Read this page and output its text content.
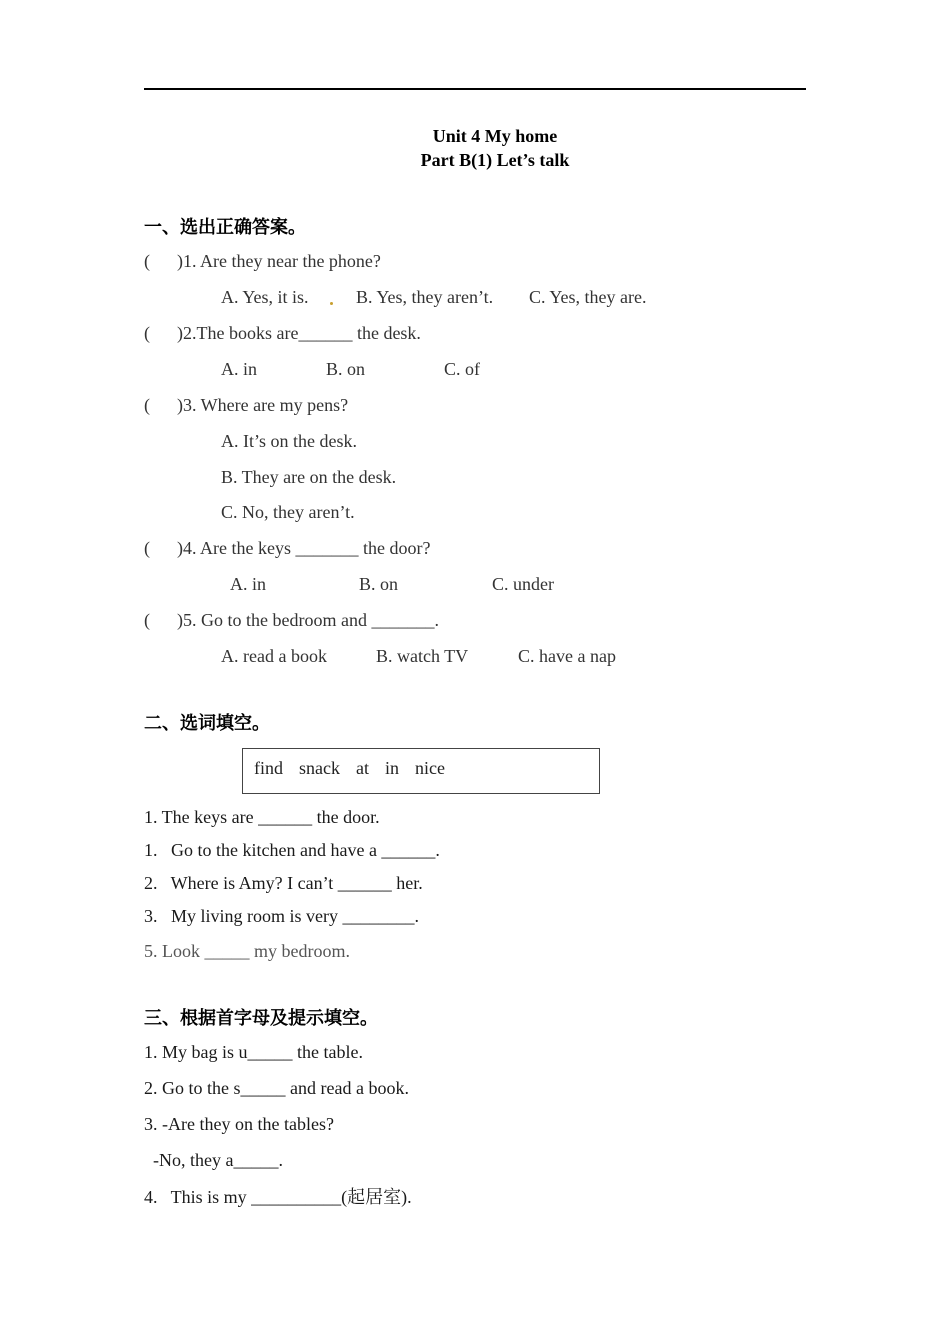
Unit 4 My home
Part B(1) Let’s talk
一、选出正确答案。
(      )1. Are they near the phone?
A. Yes, it is.	B. Yes, they aren’t. C. Yes, they are.
(      )2.The books are______ the desk.
A. in	B. on	C. of
(      )3. Where are my pens?
A. It’s on the desk.
B. They are on the desk.
C. No, they aren’t.
(      )4. Are the keys _______ the door?
A. in	B. on	C. under
(      )5. Go to the bedroom and _______.
A. read a book	B. watch TV	C. have a nap
二、选词填空。
find snack at in nice
1. The keys are ______ the door.
1.   Go to the kitchen and have a ______.
2.   Where is Amy? I can’t ______ her.
3.   My living room is very ________.
5. Look _____ my bedroom.
三、根据首字母及提示填空。
1. My bag is u_____ the table.
2. Go to the s_____ and read a book.
3. -Are they on the tables?
-No, they a_____.
4.   This is my __________(起居室).
